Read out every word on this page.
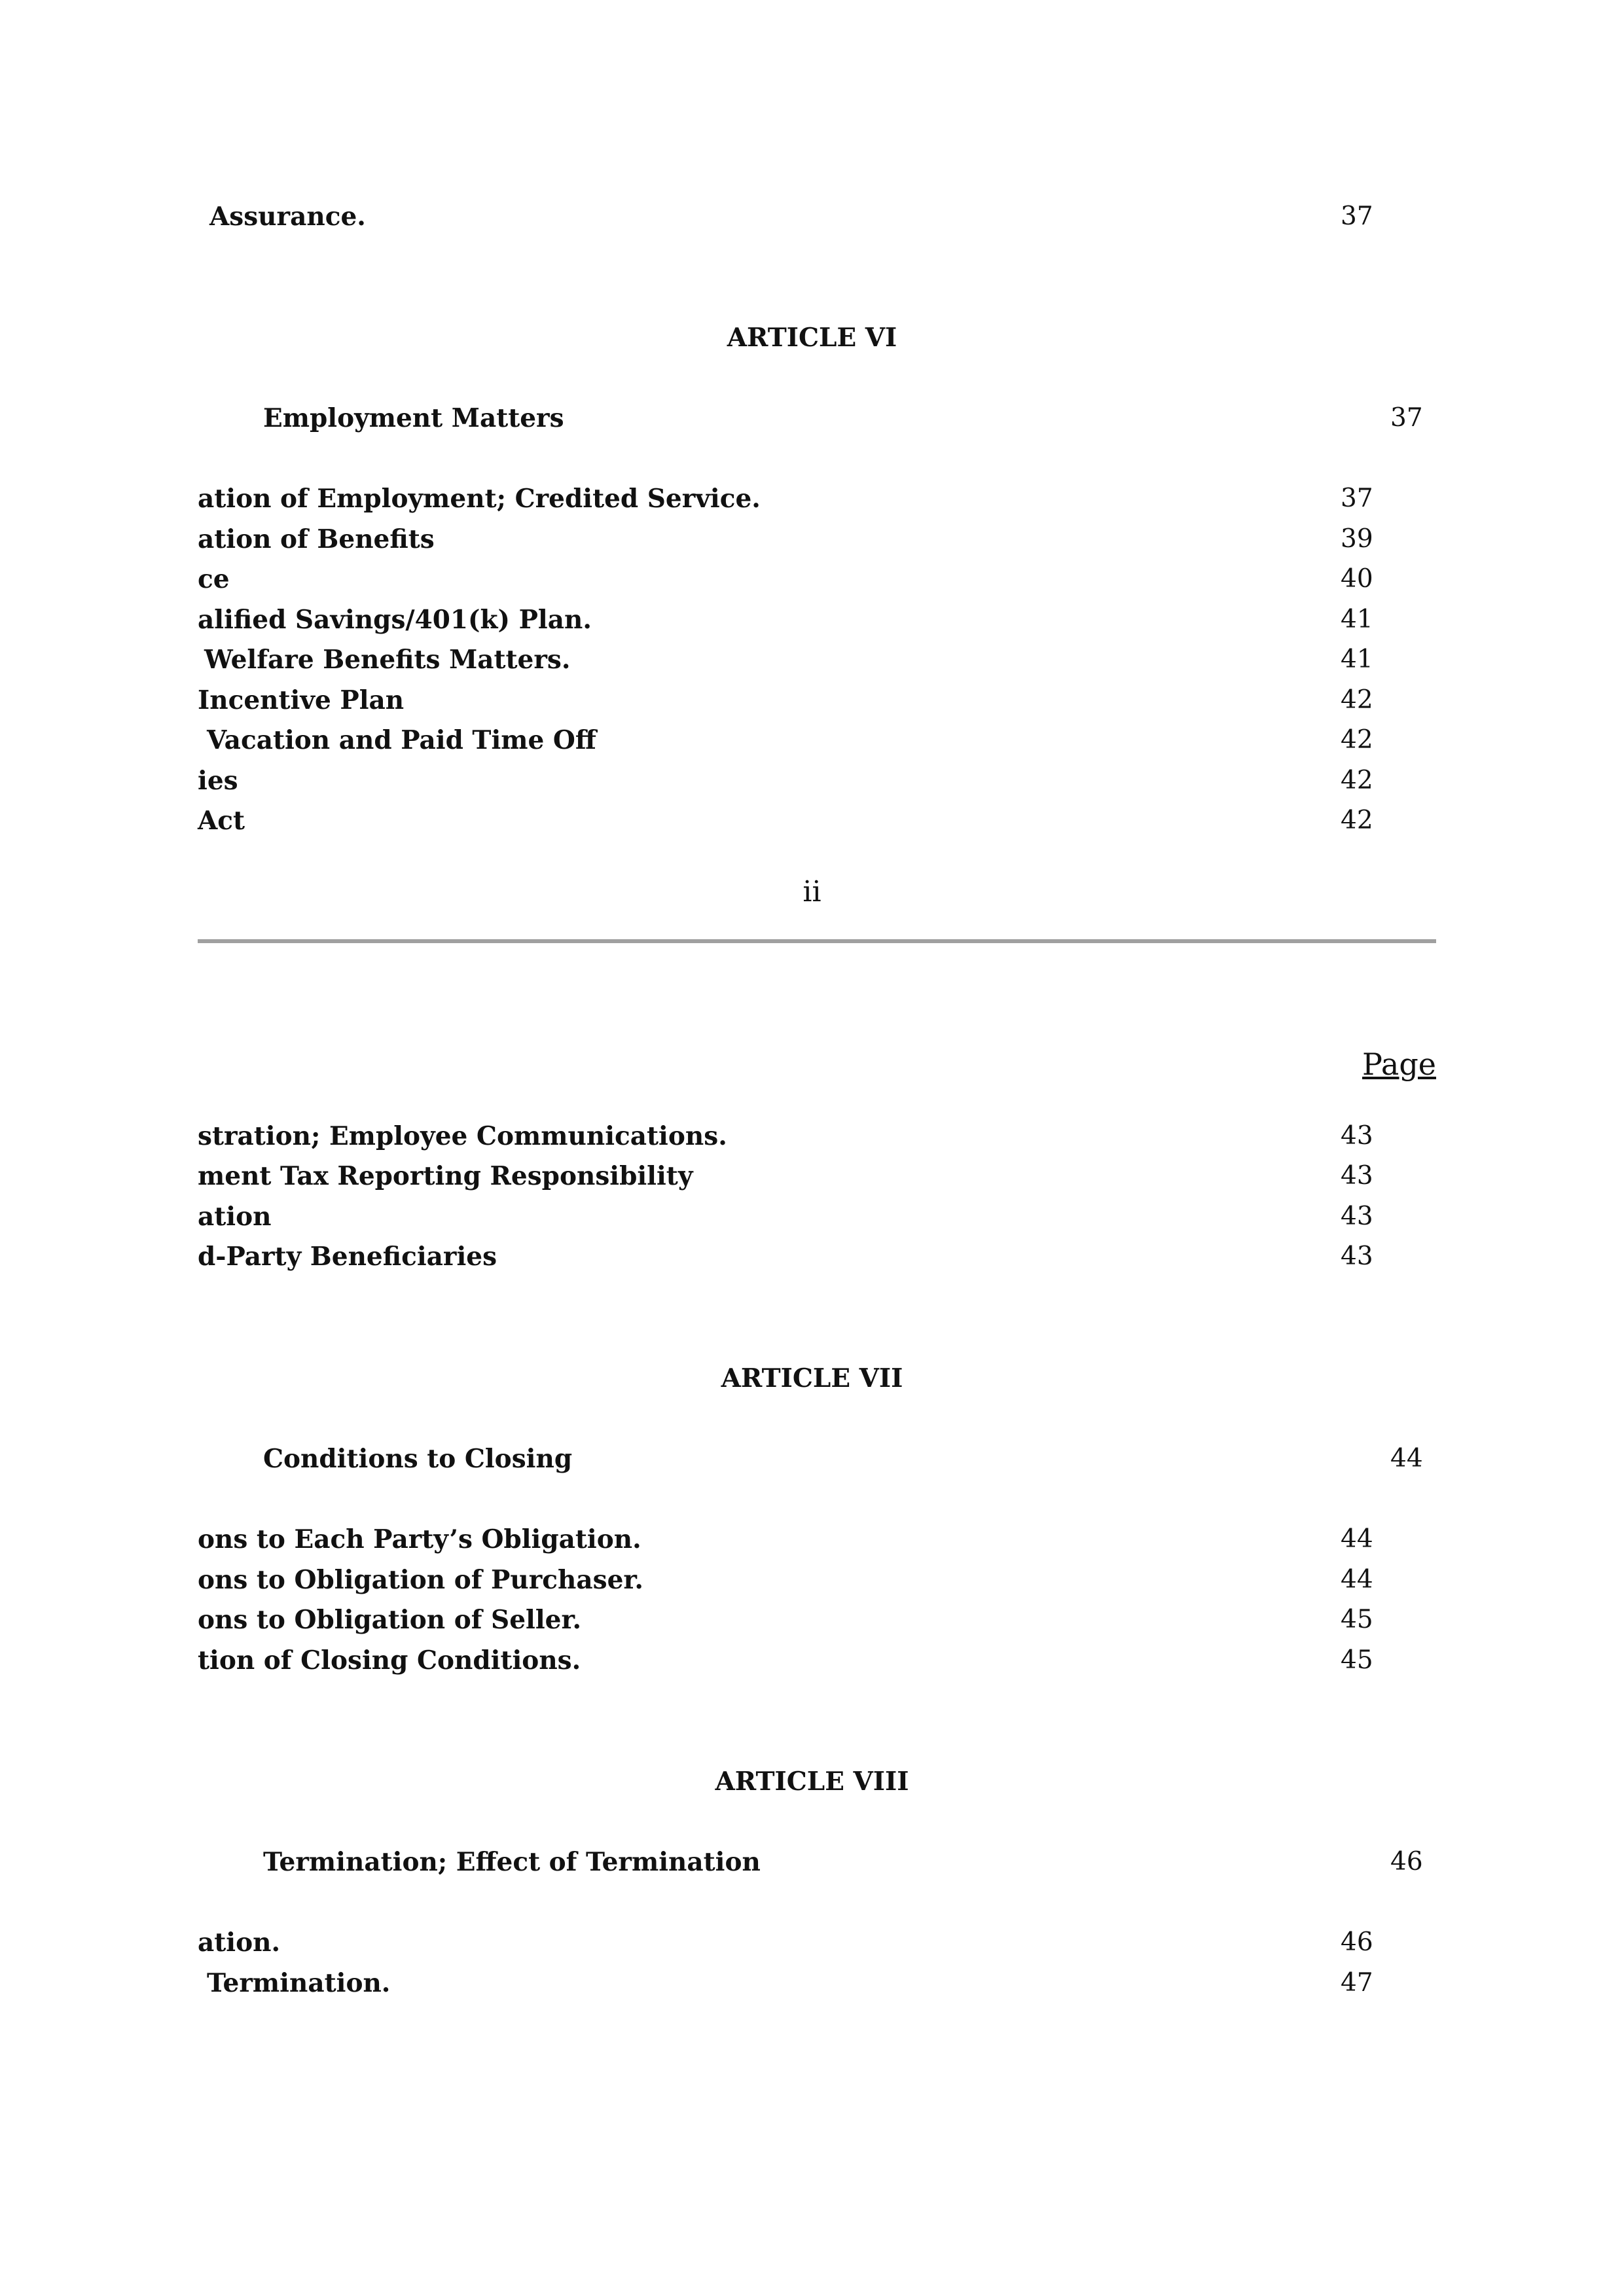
Assurance.	37
ARTICLE VI
Employment Matters	37
ation of Employment; Credited Service.	37
ation of Benefits	39
ce	40
alified Savings/401(k) Plan.	41
Welfare Benefits Matters.	41
Incentive Plan	42
Vacation and Paid Time Off	42
ies	42
Act	42
ii
Page
stration; Employee Communications.	43
ment Tax Reporting Responsibility	43
ation	43
d-Party Beneficiaries	43
ARTICLE VII
Conditions to Closing	44
ons to Each Party’s Obligation.	44
ons to Obligation of Purchaser.	44
ons to Obligation of Seller.	45
tion of Closing Conditions.	45
ARTICLE VIII
Termination; Effect of Termination	46
ation.	46
Termination.	47
